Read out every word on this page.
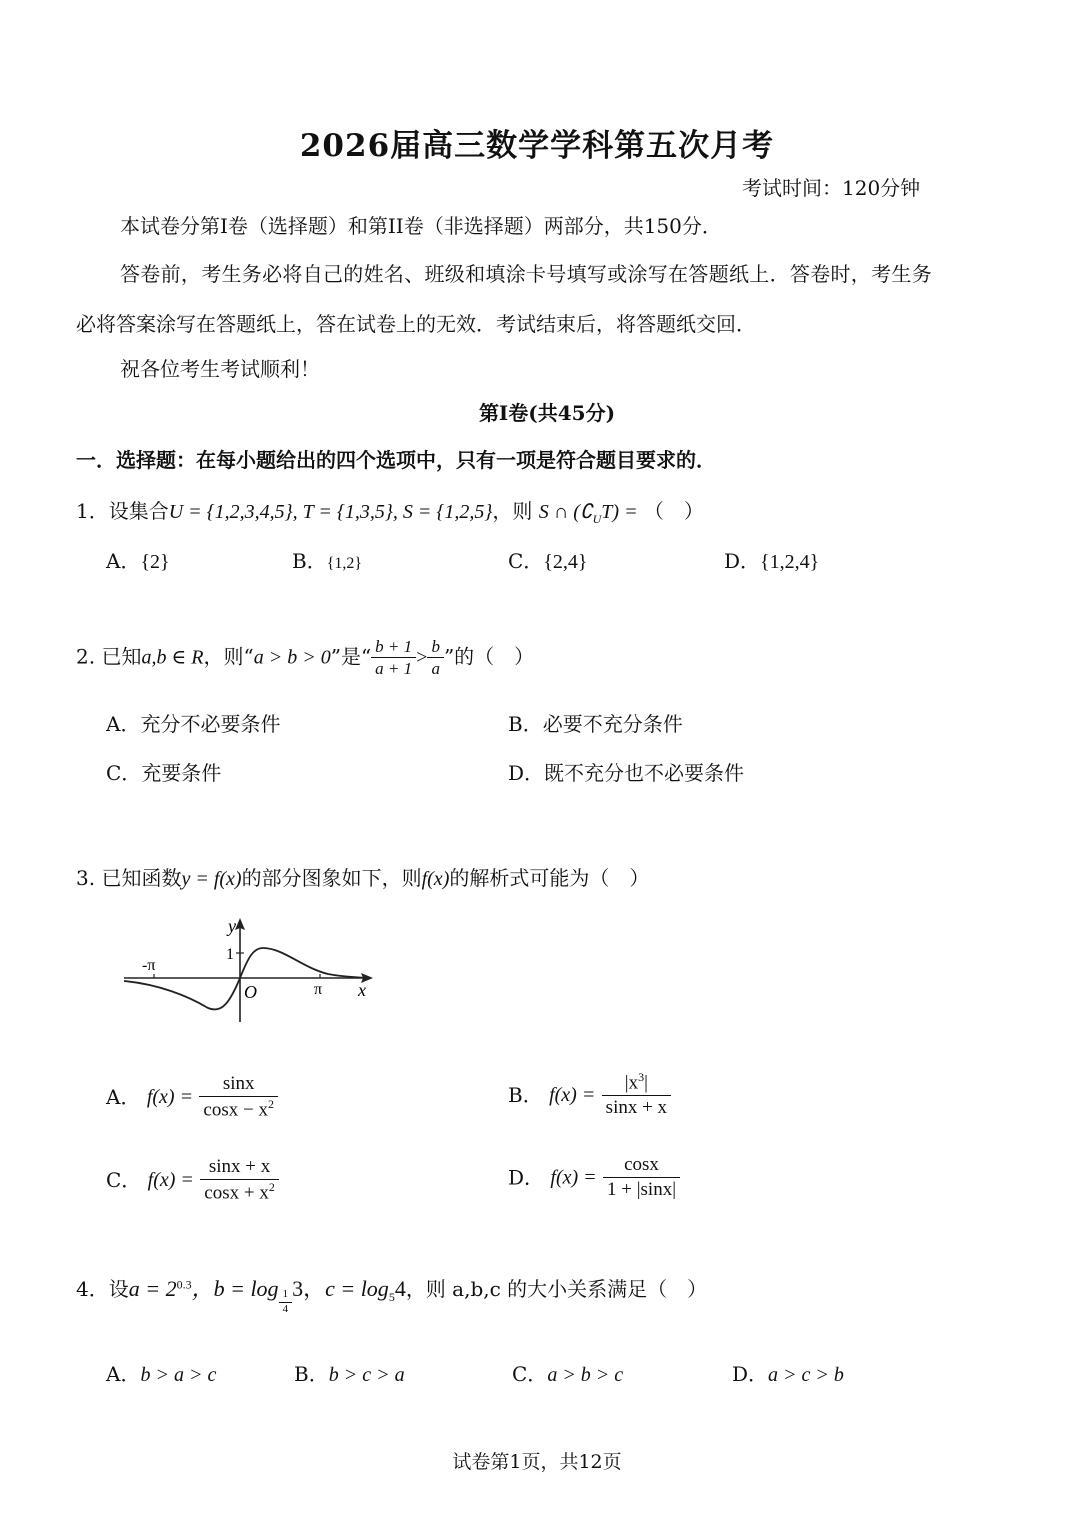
2026届高三数学学科第五次月考
考试时间：120分钟
本试卷分第I卷（选择题）和第II卷（非选择题）两部分，共150分．
答卷前，考生务必将自己的姓名、班级和填涂卡号填写或涂写在答题纸上．答卷时，考生务
必将答案涂写在答题纸上，答在试卷上的无效．考试结束后，将答题纸交回．
祝各位考生考试顺利！
第I卷(共45分)
一．选择题：在每小题给出的四个选项中，只有一项是符合题目要求的．
1．设集合U = {1,2,3,4,5}, T = {1,3,5}, S = {1,2,5}，则 S ∩ $(∁_UT)$ = （　）
A．{2}	B．{1,2}	C．{2,4}	D．{1,2,4}
2. 已知a,b ∈ R，则“a > b > 0”是“ $\frac{b + 1}{a + 1} > \frac{b}{a}$ ”的（　）
A．充分不必要条件	B．必要不充分条件
C．充要条件	D．既不充分也不必要条件
3. 已知函数y = f(x)的部分图象如下，则f(x)的解析式可能为（　）
y
x
O
1
-π
π
A． $f(x) = \frac{\sin x}{\cos x - x^2}$	B． $f(x) = \frac{|x^3|}{\sin x + x}$
C． $f(x) = \frac{\sin x + x}{\cos x + x^2}$	D． $f(x) = \frac{\cos x}{1 + |\sin x|}$
4．设$a = 2^{0.3}$，$b = \log \frac{1}{4} 3$，$c = \log_54$，则 a,b,c 的大小关系满足（　）
A．b > a > c	B．b > c > a	C．a > b > c	D．a > c > b
试卷第1页，共12页
